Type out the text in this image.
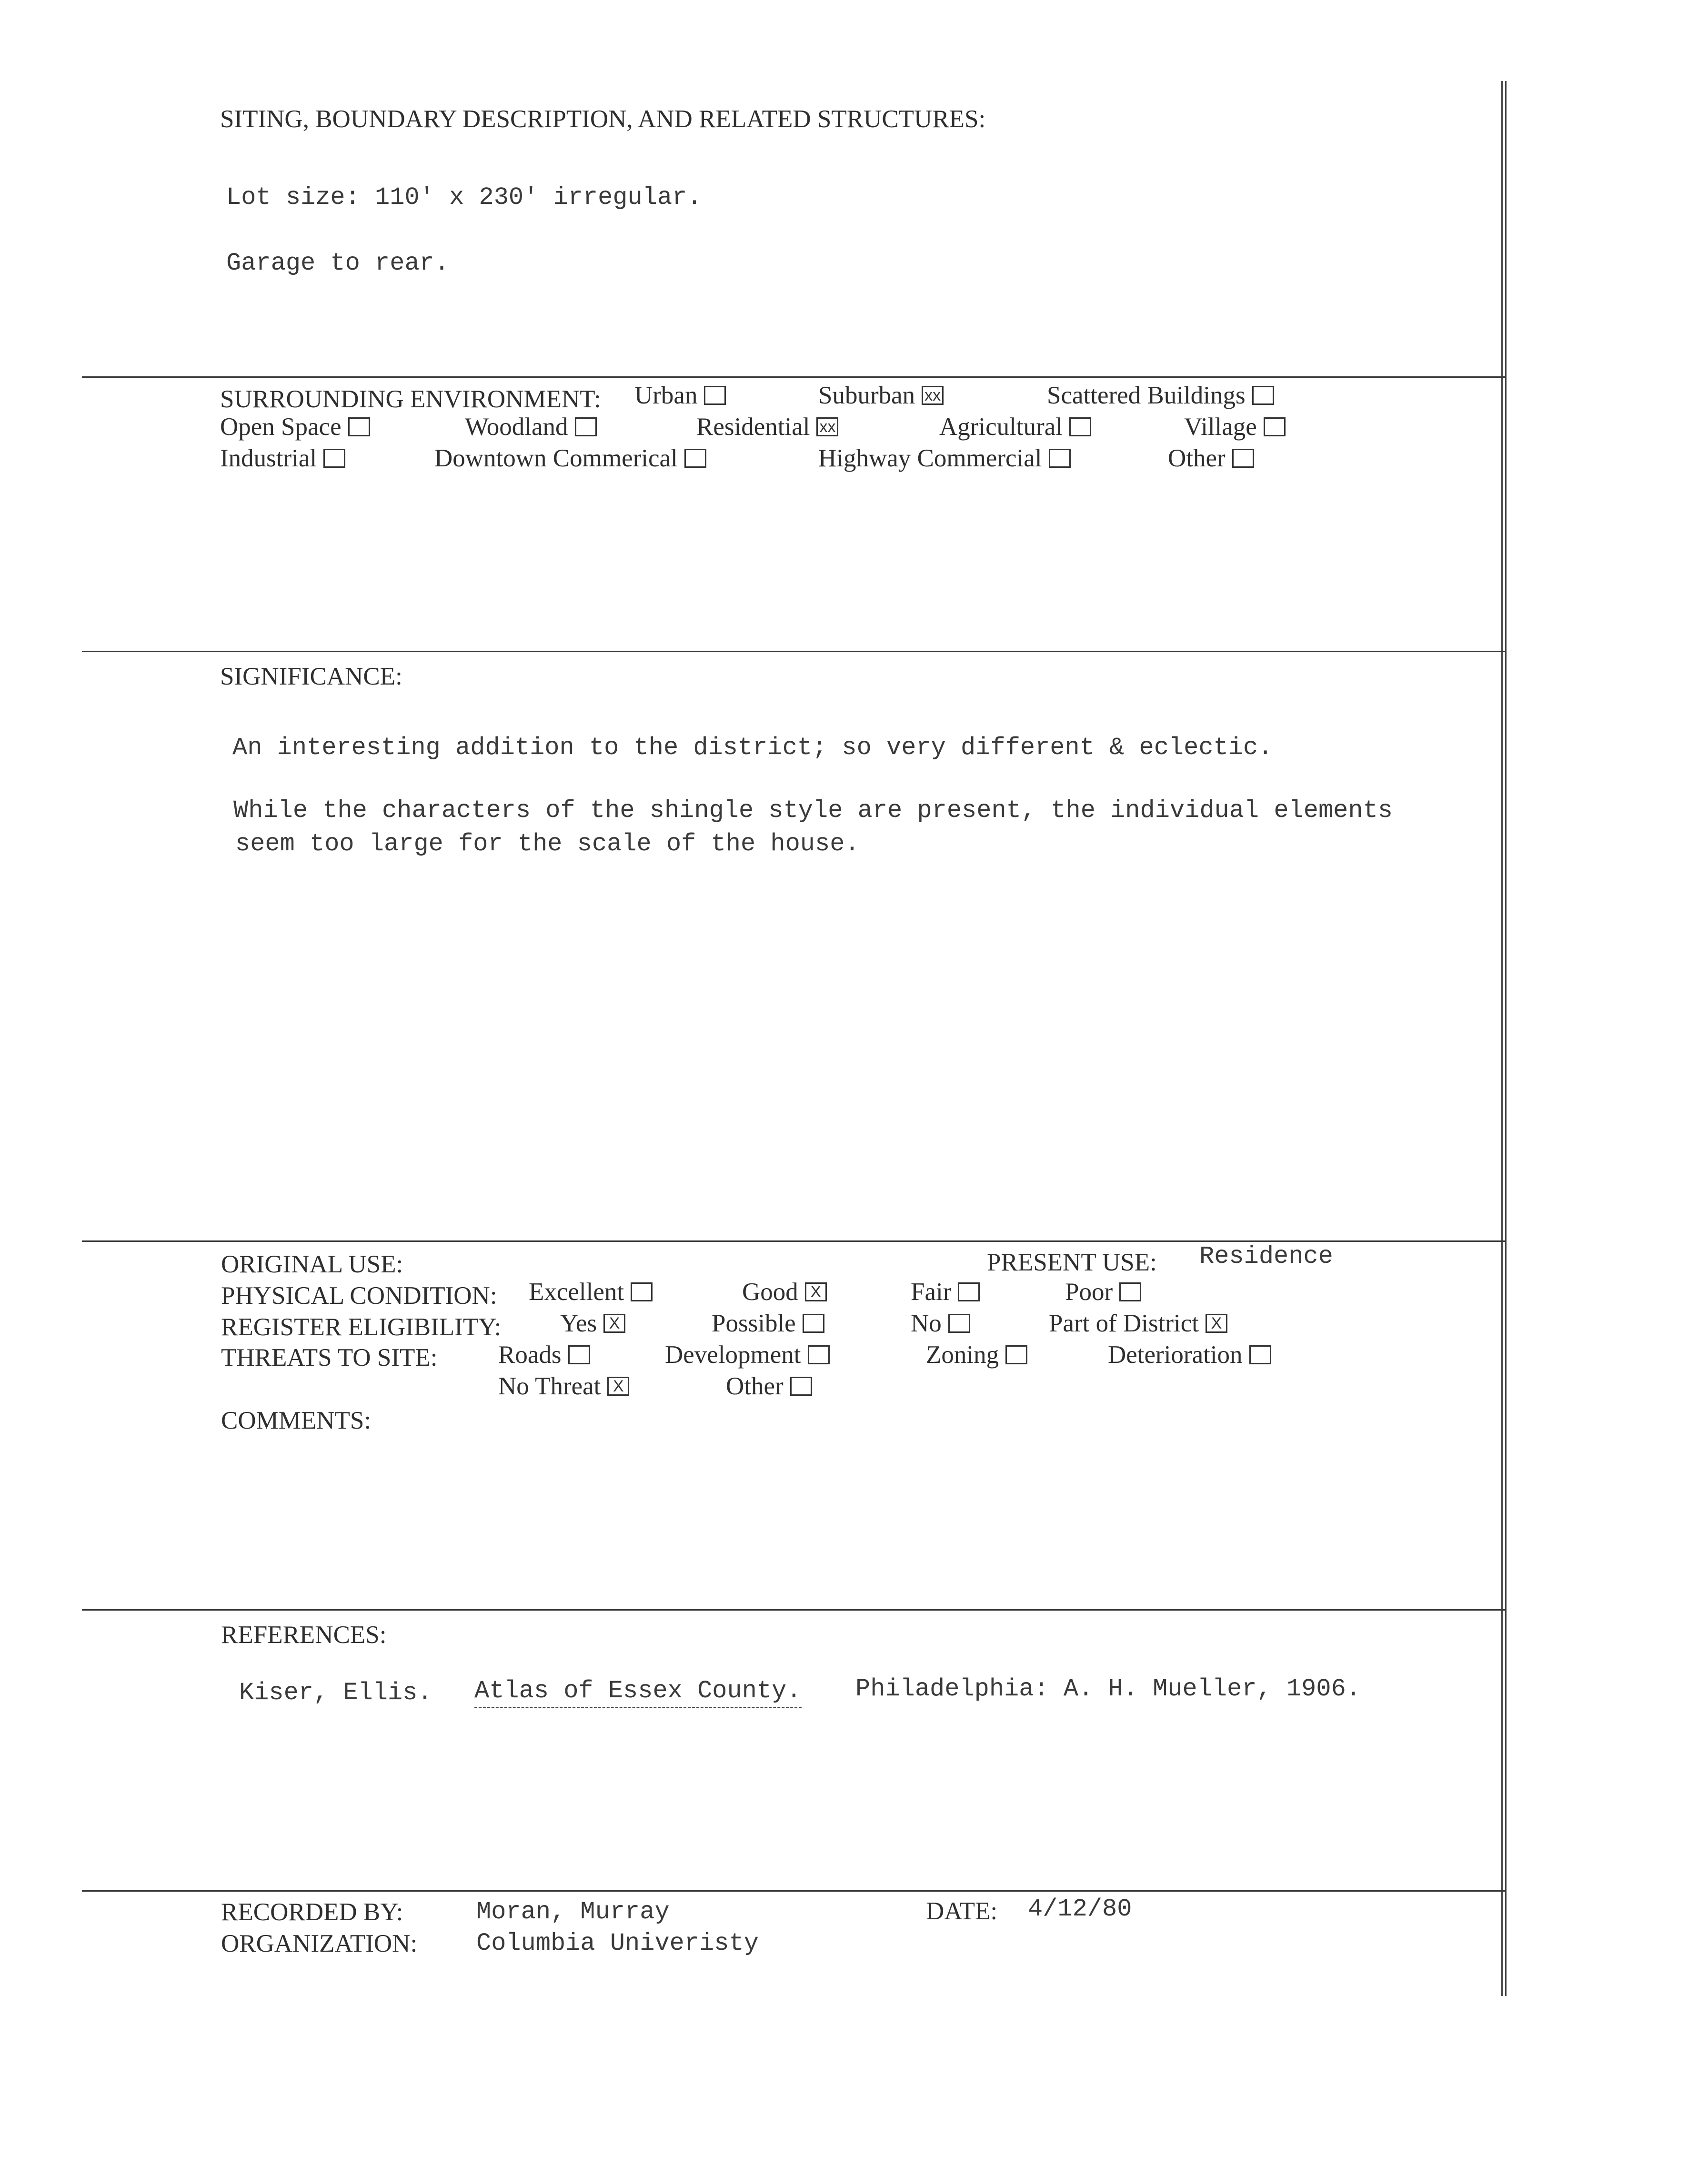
SITING, BOUNDARY DESCRIPTION, AND RELATED STRUCTURES:
Lot size: 110' x 230' irregular.
Garage to rear.
SURROUNDING ENVIRONMENT: Urban	Suburban xx	Scattered Buildings
Open Space	Woodland	Residential xx	Agricultural	Village
Industrial	Downtown Commerical	Highway Commercial	Other
SIGNIFICANCE:
An interesting addition to the district; so very different & eclectic.
While the characters of the shingle style are present, the individual elements
seem too large for the scale of the house.
ORIGINAL USE:	PRESENT USE: Residence
PHYSICAL CONDITION: Excellent	Good X	Fair	Poor
REGISTER ELIGIBILITY: Yes X	Possible	No	Part of District X
THREATS TO SITE: Roads	Development	Zoning	Deterioration
No Threat X	Other
COMMENTS:
REFERENCES:
Kiser, Ellis. Atlas of Essex County. Philadelphia: A. H. Mueller, 1906.
RECORDED BY:	Moran, Murray	DATE: 4/12/80
ORGANIZATION: Columbia Univeristy
